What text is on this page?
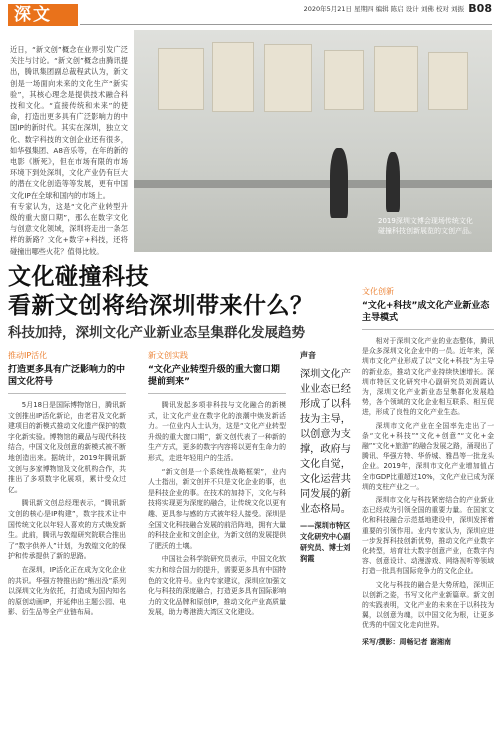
深文	2020年5月21日 星期四 编辑 陈启 设计 刘佛 校对 刘振 B08

近日，“新文创”概念在业界引发广泛关注与讨论。“新文创”概念由腾讯提出，腾讯集团副总裁程武认为，新文创是一场面向未来的文化生产“新实验”，其核心理念是提供技术融合科技和文化。“直接传统和未来”的使命，打造出更多具有广泛影响力的中国IP的新时代。其实在深圳，独立文化、数字科技的文创企业还有很多，如华强集团、A8音乐等，在年的新的电影《断死》，但在市场有限的市场环境下到处深圳，文化产业仍有巨大的潜在文化创造等等发展，更有中国文化IP在全球和国内的市场上。

有专家认为，这是“文化产业转型升级的重大窗口期”，那么在数字文化与创意文化领域，深圳将走出一条怎样的新路？文化+数字+科技，还将碰撞出哪些火花？值得比较。

2019深圳文博会现场传统文化碰撞科技创新展览的文创产品。
文化碰撞科技
看新文创将给深圳带来什么？
科技加持，深圳文化产业新业态呈集群化发展趋势
推动IP活化
打造更多具有广泛影响力的中国文化符号

5月18日是国际博物馆日，腾讯新文创推出IP活化新论，由老君及文化新建项目的新模式推动文化遗产保护的数字化新实验。博物馆的藏品与现代科技结合，中国文化及创意的新模式被不断地创造出来。据统计，2019年腾讯新文创与多家博物馆及文化机构合作，共推出了多项数字化展项，累计受众过亿。

腾讯新文创总经理表示，“腾讯新文创的核心是IP构建”，数字技术让中国传统文化以年轻人喜欢的方式焕发新生。此前，腾讯与敦煌研究院联合推出了“数字供养人”计划，为敦煌文化的保护和传承提供了新的思路。

在深圳，IP活化正在成为文化企业的共识。华强方特推出的“熊出没”系列以深圳文化为依托，打造成为国内知名的原创动画IP，并延伸出主题公园、电影、衍生品等全产业链布局。

新文创实践
“文化产业转型升级的重大窗口期提前到来”

腾讯发起多项非科技与文化融合的新模式，让文化产业在数字化的浪潮中焕发新活力。一位业内人士认为，这是“文化产业转型升级的重大窗口期”，新文创代表了一种新的生产方式，更多的数字内容将以更有生命力的形式，走进年轻用户的生活。

“新文创是一个系统性战略框架”，业内人士指出，新文创并不只是文化企业的事，也是科技企业的事。在技术的加持下，文化与科技将实现更为深度的融合，让传统文化以更有趣、更具参与感的方式被年轻人接受。深圳是全国文化科技融合发展的前沿阵地，拥有大量的科技企业和文创企业，为新文创的发展提供了肥沃的土壤。

中国社会科学院研究员表示，中国文化软实力和综合国力的提升，需要更多具有中国特色的文化符号。业内专家建议，深圳应加强文化与科技的深度融合，打造更多具有国际影响力的文化品牌和原创IP，推动文化产业高质量发展，助力粤港澳大湾区文化建设。

声音
深圳文化产业业态已经形成了以科技为主导，以创意为支撑，政府与文化自觉，文化运营共同发展的新业态格局。
——深圳市特区文化研究中心副研究员、博士刘润霞
文化创新
“文化+科技”成文化产业新业态主导模式

相对于深圳文化产业的业态整体，腾讯是众多深圳文化企业中的一员。近年来，深圳市文化产业形成了以“文化+科技”为主导的新业态，推动文化产业持续快速增长。深圳市特区文化研究中心副研究员刘润霞认为，深圳文化产业新业态呈集群化发展趋势，各个领域的文化企业相互联系、相互促进，形成了良性的文化产业生态。

深圳市文化产业在全国率先走出了一条“文化+科技”“文化+创意”“文化+金融”“文化+旅游”的融合发展之路，涌现出了腾讯、华强方特、华侨城、雅昌等一批龙头企业。2019年，深圳市文化产业增加值占全市GDP比重超过10%，文化产业已成为深圳的支柱产业之一。

深圳市文化与科技紧密结合的产业新业态已经成为引领全国的重要力量。在国家文化和科技融合示范基地建设中，深圳发挥着重要的引领作用。业内专家认为，深圳应进一步发挥科技创新优势，推动文化产业数字化转型，培育壮大数字创意产业，在数字内容、创意设计、动漫游戏、网络视听等领域打造一批具有国际竞争力的文化企业。

文化与科技的融合是大势所趋，深圳正以创新之姿，书写文化产业新篇章。新文创的实践表明，文化产业的未来在于以科技为翼，以创意为魂，以中国文化为根，让更多优秀的中国文化走向世界。

采写/撰影：周畅记者 谢湘南
